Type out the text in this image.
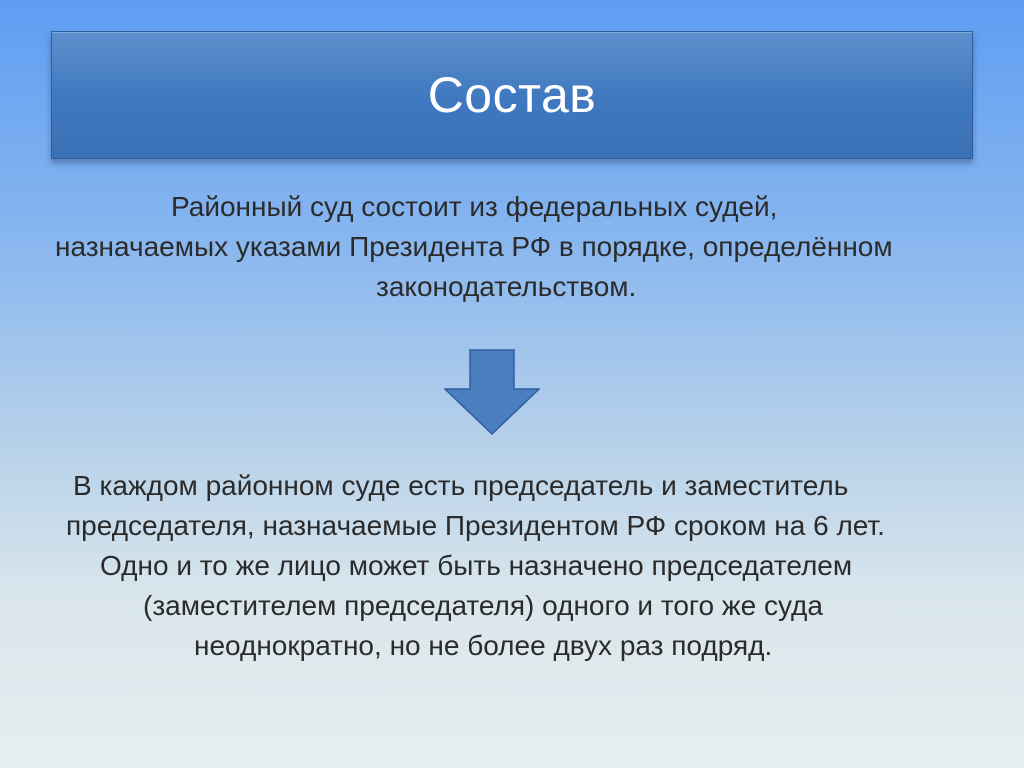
Состав
Районный суд состоит из федеральных судей,
назначаемых указами Президента РФ в порядке, определённом
законодательством.
В каждом районном суде есть председатель и заместитель
председателя, назначаемые Президентом РФ сроком на 6 лет.
Одно и то же лицо может быть назначено председателем
(заместителем председателя) одного и того же суда
неоднократно, но не более двух раз подряд.
